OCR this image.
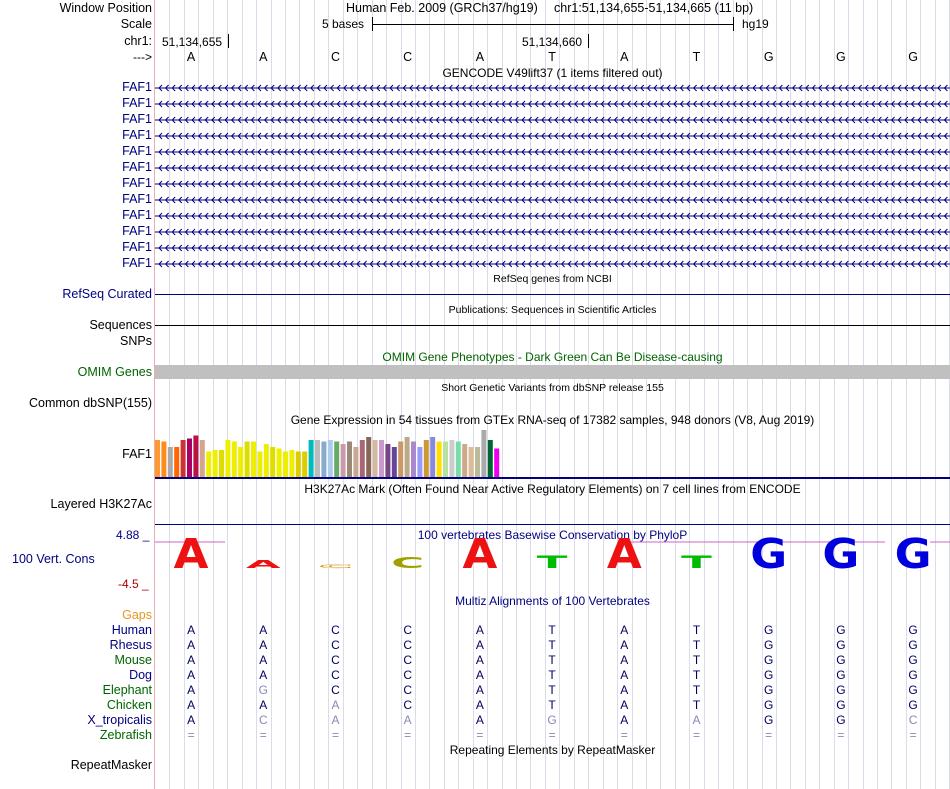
Window Position	Human Feb. 2009 (GRCh37/hg19) chr1:51,134,655-51,134,665 (11 bp)
Scale	5 bases	hg19
chr1: 51,134,655	51,134,660
--->	A	A	C	C	A	T	A	T	G	G	G
GENCODE V49lift37 (1 items filtered out)
FAF1
FAF1
FAF1
FAF1
FAF1
FAF1
FAF1
FAF1
FAF1
FAF1
FAF1
FAF1
RefSeq genes from NCBI
RefSeq Curated
Publications: Sequences in Scientific Articles
Sequences
SNPs
OMIM Gene Phenotypes - Dark Green Can Be Disease-causing
OMIM Genes
Short Genetic Variants from dbSNP release 155
Common dbSNP(155)
Gene Expression in 54 tissues from GTEx RNA-seq of 17382 samples, 948 donors (V8, Aug 2019)
FAF1
H3K27Ac Mark (Often Found Near Active Regulatory Elements) on 7 cell lines from ENCODE
Layered H3K27Ac
100 vertebrates Basewise Conservation by PhyloP
4.88 _
100 Vert. Cons
-4.5 _
A A C C A T A T G G G
Multiz Alignments of 100 Vertebrates
Gaps
Human	A	A	C	C	A	T	A	T	G	G	G
Rhesus	A	A	C	C	A	T	A	T	G	G	G
Mouse	A	A	C	C	A	T	A	T	G	G	G
Dog	A	A	C	C	A	T	A	T	G	G	G
Elephant	A	G	C	C	A	T	A	T	G	G	G
Chicken	A	A	A	C	A	T	A	T	G	G	G
X_tropicalis	A	C	A	A	A	G	A	A	G	G	C
Zebrafish	=	=	=	=	=	=	=	=	=	=	=
Repeating Elements by RepeatMasker
RepeatMasker
